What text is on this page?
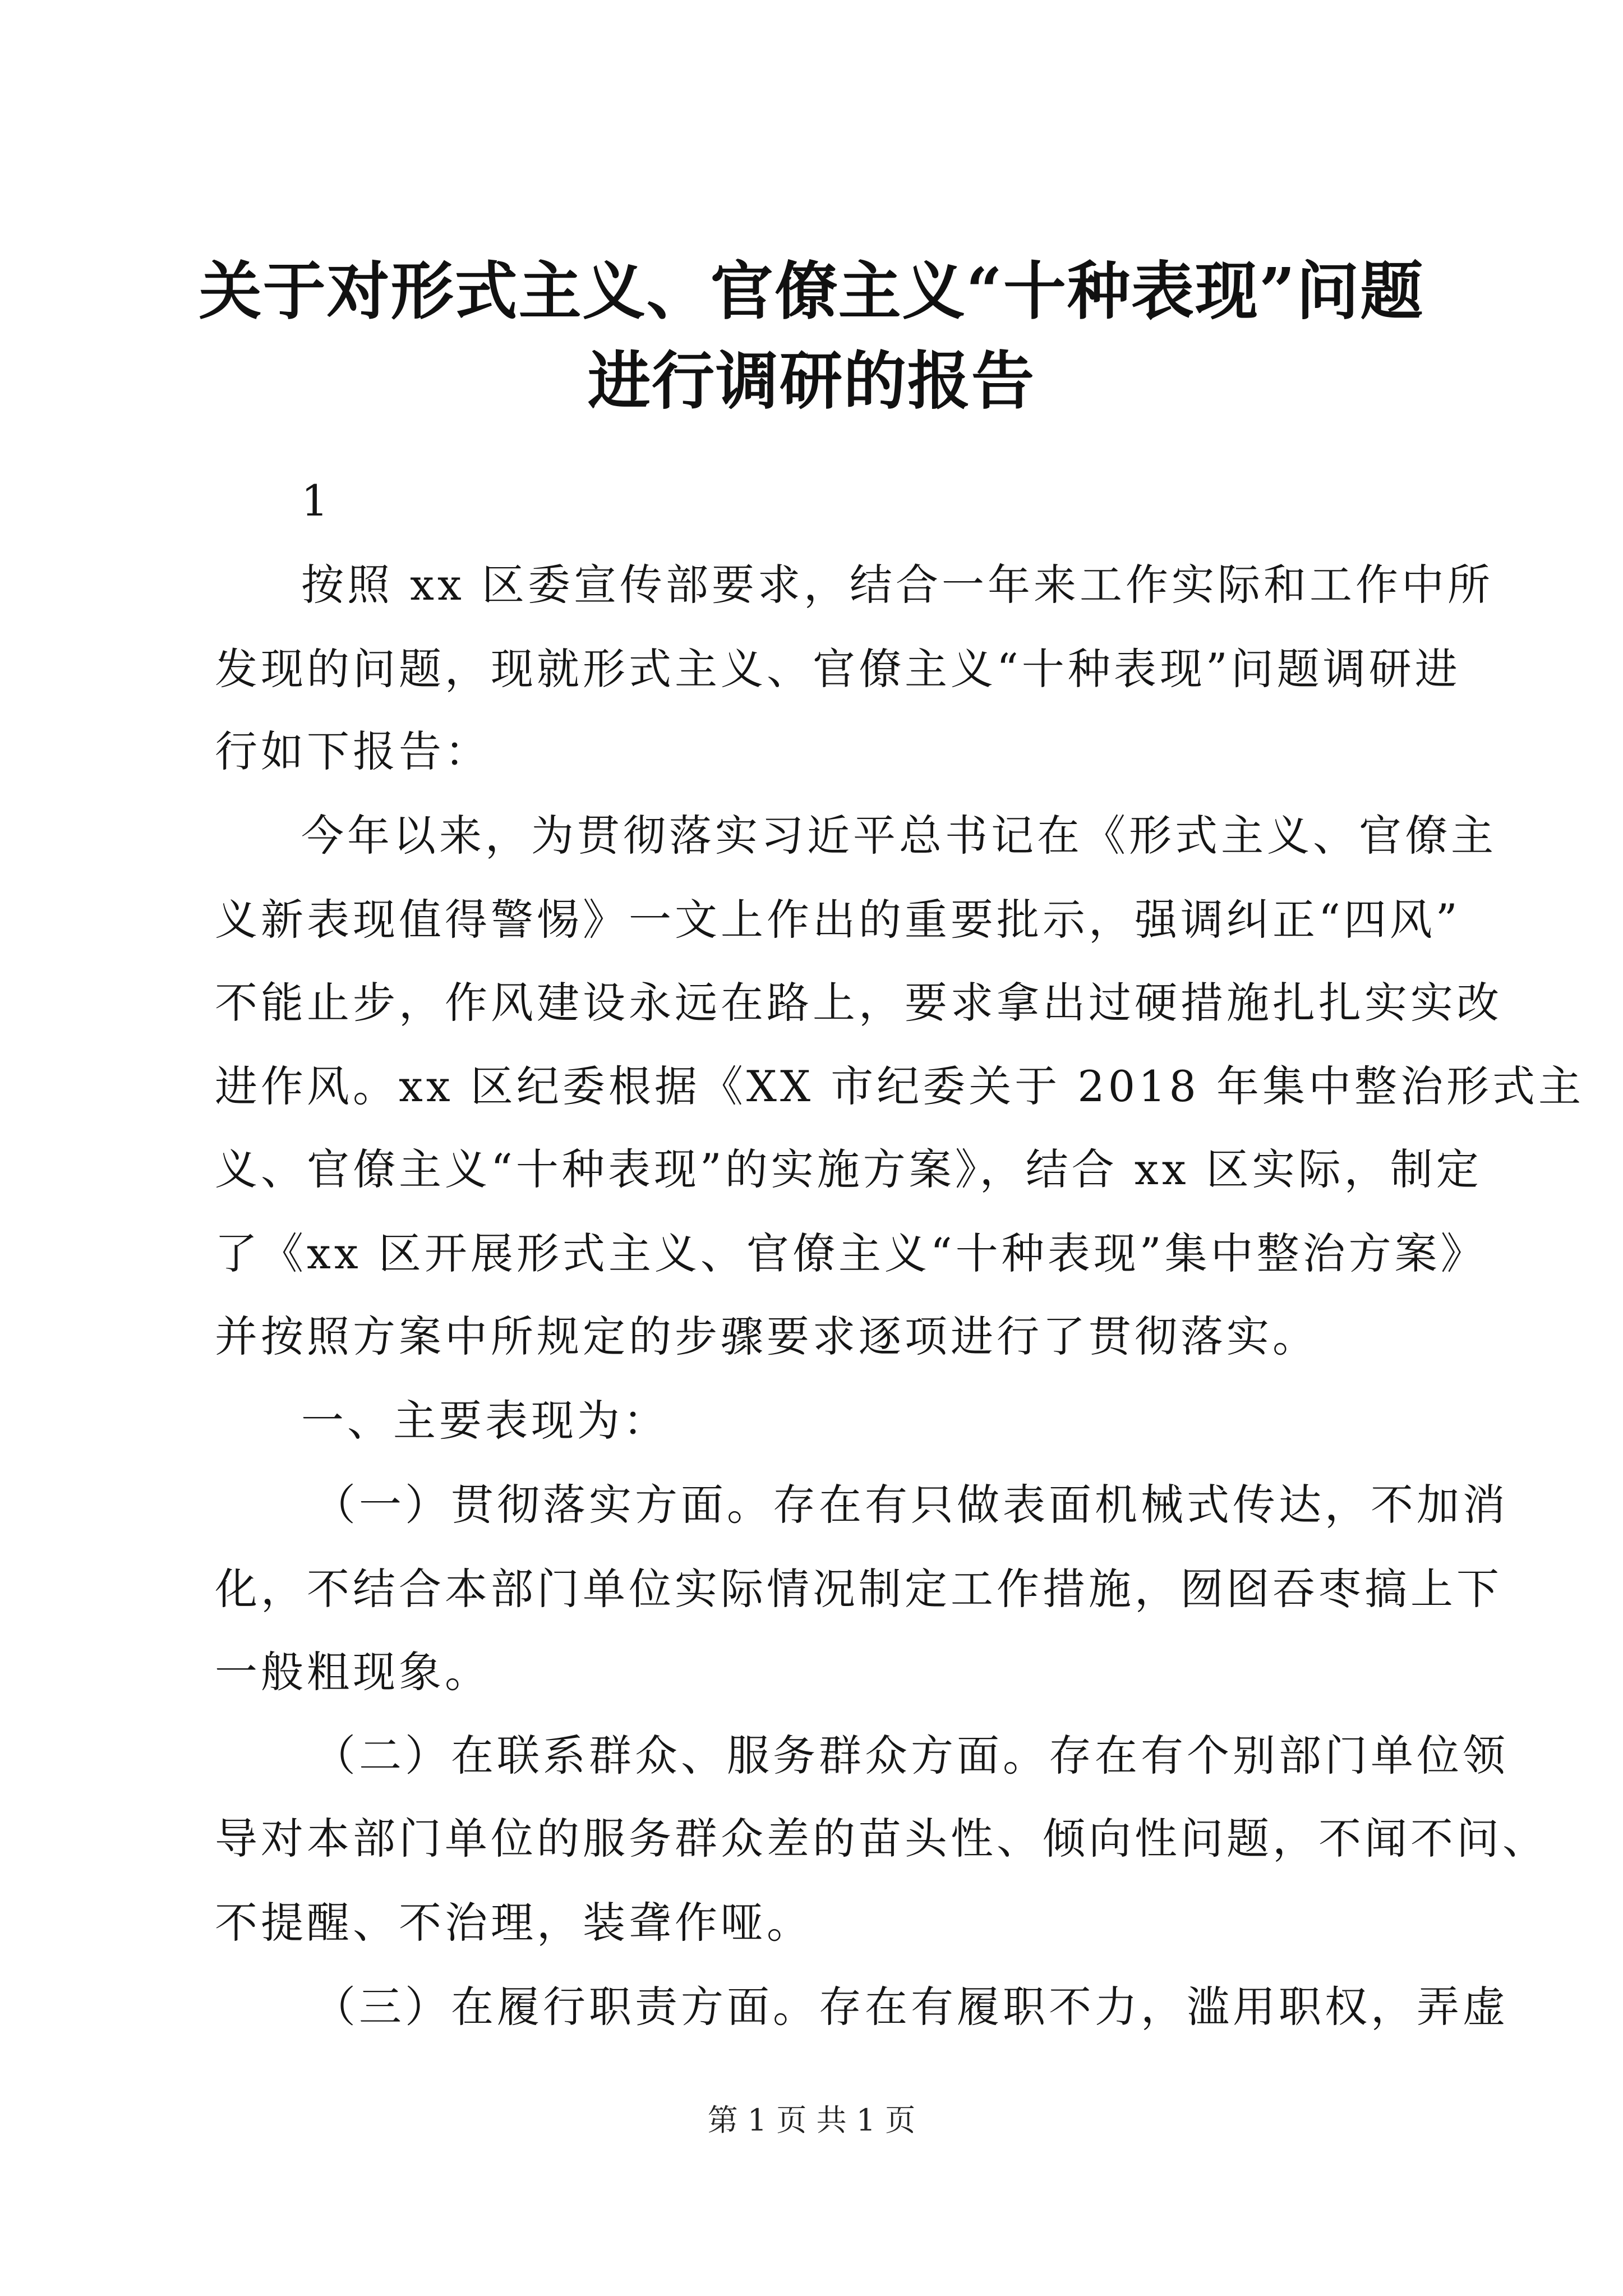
关于对形式主义、官僚主义“十种表现”问题
进行调研的报告
1
按照 xx 区委宣传部要求，结合一年来工作实际和工作中所
发现的问题，现就形式主义、官僚主义“十种表现”问题调研进
行如下报告：
今年以来，为贯彻落实习近平总书记在《形式主义、官僚主
义新表现值得警惕》一文上作出的重要批示，强调纠正“四风”
不能止步，作风建设永远在路上，要求拿出过硬措施扎扎实实改
进作风。xx 区纪委根据《XX 市纪委关于 2018 年集中整治形式主
义、官僚主义“十种表现”的实施方案》，结合 xx 区实际，制定
了《xx 区开展形式主义、官僚主义“十种表现”集中整治方案》
并按照方案中所规定的步骤要求逐项进行了贯彻落实。
一、主要表现为：
（一）贯彻落实方面。存在有只做表面机械式传达，不加消
化，不结合本部门单位实际情况制定工作措施，囫囵吞枣搞上下
一般粗现象。
（二）在联系群众、服务群众方面。存在有个别部门单位领
导对本部门单位的服务群众差的苗头性、倾向性问题，不闻不问、
不提醒、不治理，装聋作哑。
（三）在履行职责方面。存在有履职不力，滥用职权，弄虚
第 1 页 共 1 页
